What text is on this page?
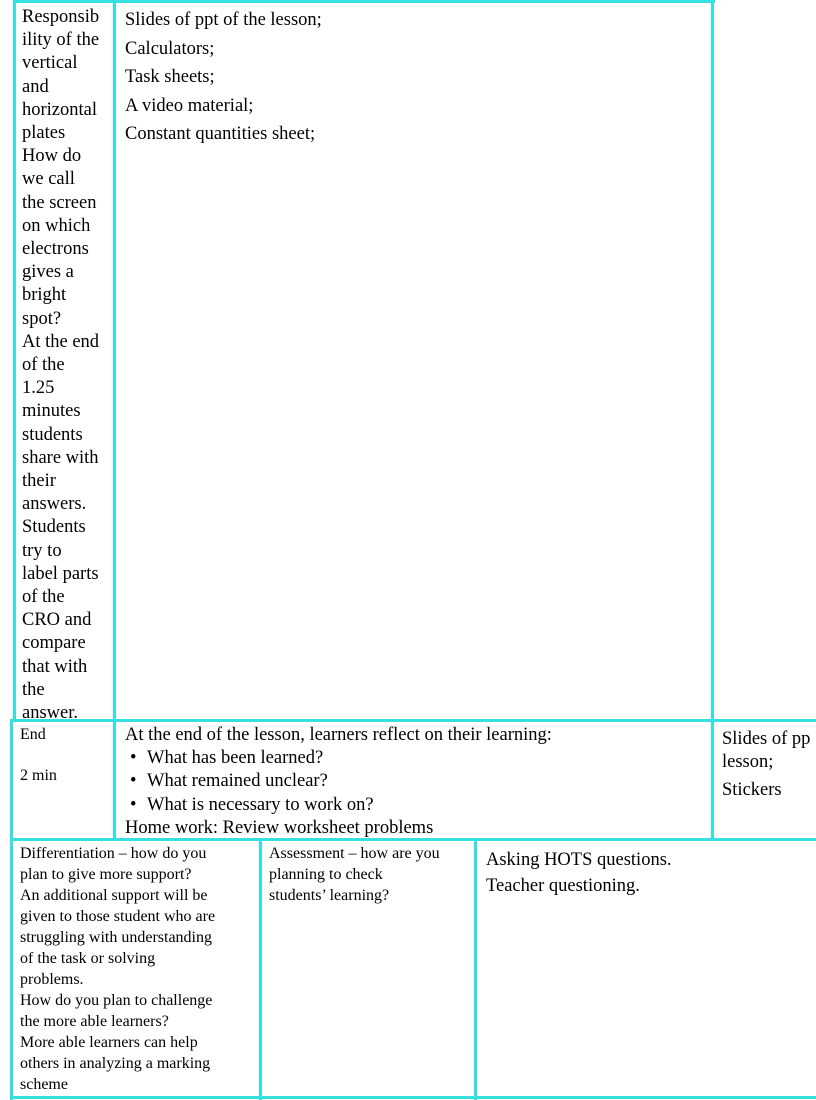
Responsib
ility of the
vertical
and
horizontal
plates
How do
we call
the screen
on which
electrons
gives a
bright
spot?
At the end
of the
1.25
minutes
students
share with
their
answers.
Students
try to
label parts
of the
CRO and
compare
that with
the
answer.
Slides of ppt of the lesson;
Calculators;
Task sheets;
A video material;
Constant quantities sheet;
End
2 min
At the end of the lesson, learners reflect on their learning:
• What has been learned?
• What remained unclear?
• What is necessary to work on?
Home work: Review worksheet problems
Slides of pp
lesson;
Stickers
Differentiation – how do you
plan to give more support?
An additional support will be
given to those student who are
struggling with understanding
of the task or solving
problems.
How do you plan to challenge
the more able learners?
More able learners can help
others in analyzing a marking
scheme
Assessment – how are you
planning to check
students’ learning?
Asking HOTS questions.
Teacher questioning.
